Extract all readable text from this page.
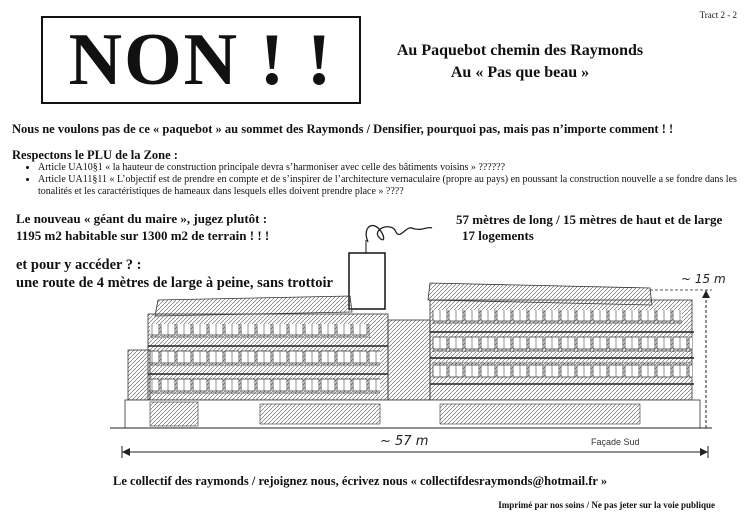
Tract 2 - 2
NON ! !	Au Paquebot chemin des Raymonds
Au « Pas que beau »
Nous ne voulons pas de ce « paquebot » au sommet des Raymonds / Densifier, pourquoi pas, mais pas n’importe comment ! !
Respectons le PLU de la Zone :
• Article UA10§1 « la hauteur de construction principale devra s’harmoniser avec celle des bâtiments voisins » ??????
• Article UA11§11 « L’objectif est de prendre en compte et de s’inspirer de l’architecture vernaculaire (propre au pays) en poussant la construction nouvelle a se fondre dans les tonalités et les caractéristiques de hameaux dans lesquels elles doivent prendre place » ????
Le nouveau « géant du maire », jugez plutôt :
1195 m2 habitable sur 1300 m2 de terrain ! ! !
57 mètres de long / 15 mètres de haut et de large
17 logements
et pour y accéder ? :
une route de 4 mètres de large à peine, sans trottoir
~ 57 m
~ 15 m
Façade Sud
Le collectif des raymonds / rejoignez nous, écrivez nous « collectifdesraymonds@hotmail.fr »
Imprimé par nos soins / Ne pas jeter sur la voie publique
